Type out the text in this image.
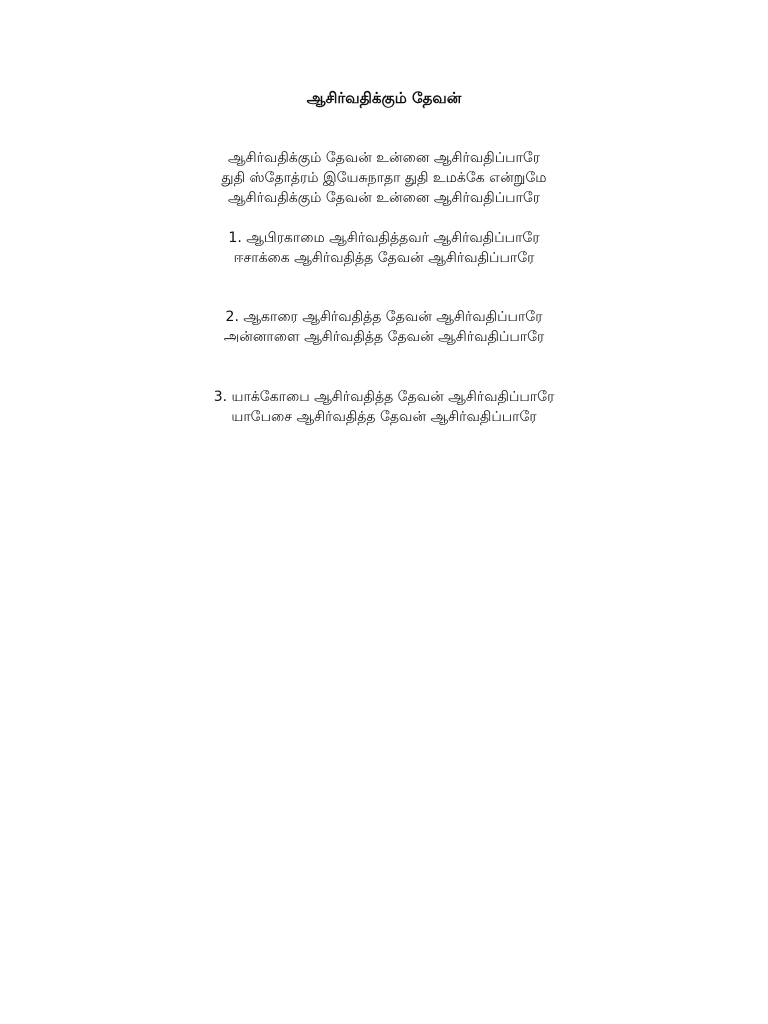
ஆசிர்வதிக்கும் தேவன்
ஆசிர்வதிக்கும் தேவன் உன்னை ஆசிர்வதிப்பாரே
துதி ஸ்தோத்ரம் இயேசுநாதா துதி உமக்கே என்றுமே
ஆசிர்வதிக்கும் தேவன் உன்னை ஆசிர்வதிப்பாரே
1. ஆபிரகாமை ஆசிர்வதித்தவர் ஆசிர்வதிப்பாரே
ஈசாக்கை ஆசிர்வதித்த தேவன் ஆசிர்வதிப்பாரே
2. ஆகாரை ஆசிர்வதித்த தேவன் ஆசிர்வதிப்பாரே
அன்னாளை ஆசிர்வதித்த தேவன் ஆசிர்வதிப்பாரே
3. யாக்கோபை ஆசிர்வதித்த தேவன் ஆசிர்வதிப்பாரே
யாபேசை ஆசிர்வதித்த தேவன் ஆசிர்வதிப்பாரே
